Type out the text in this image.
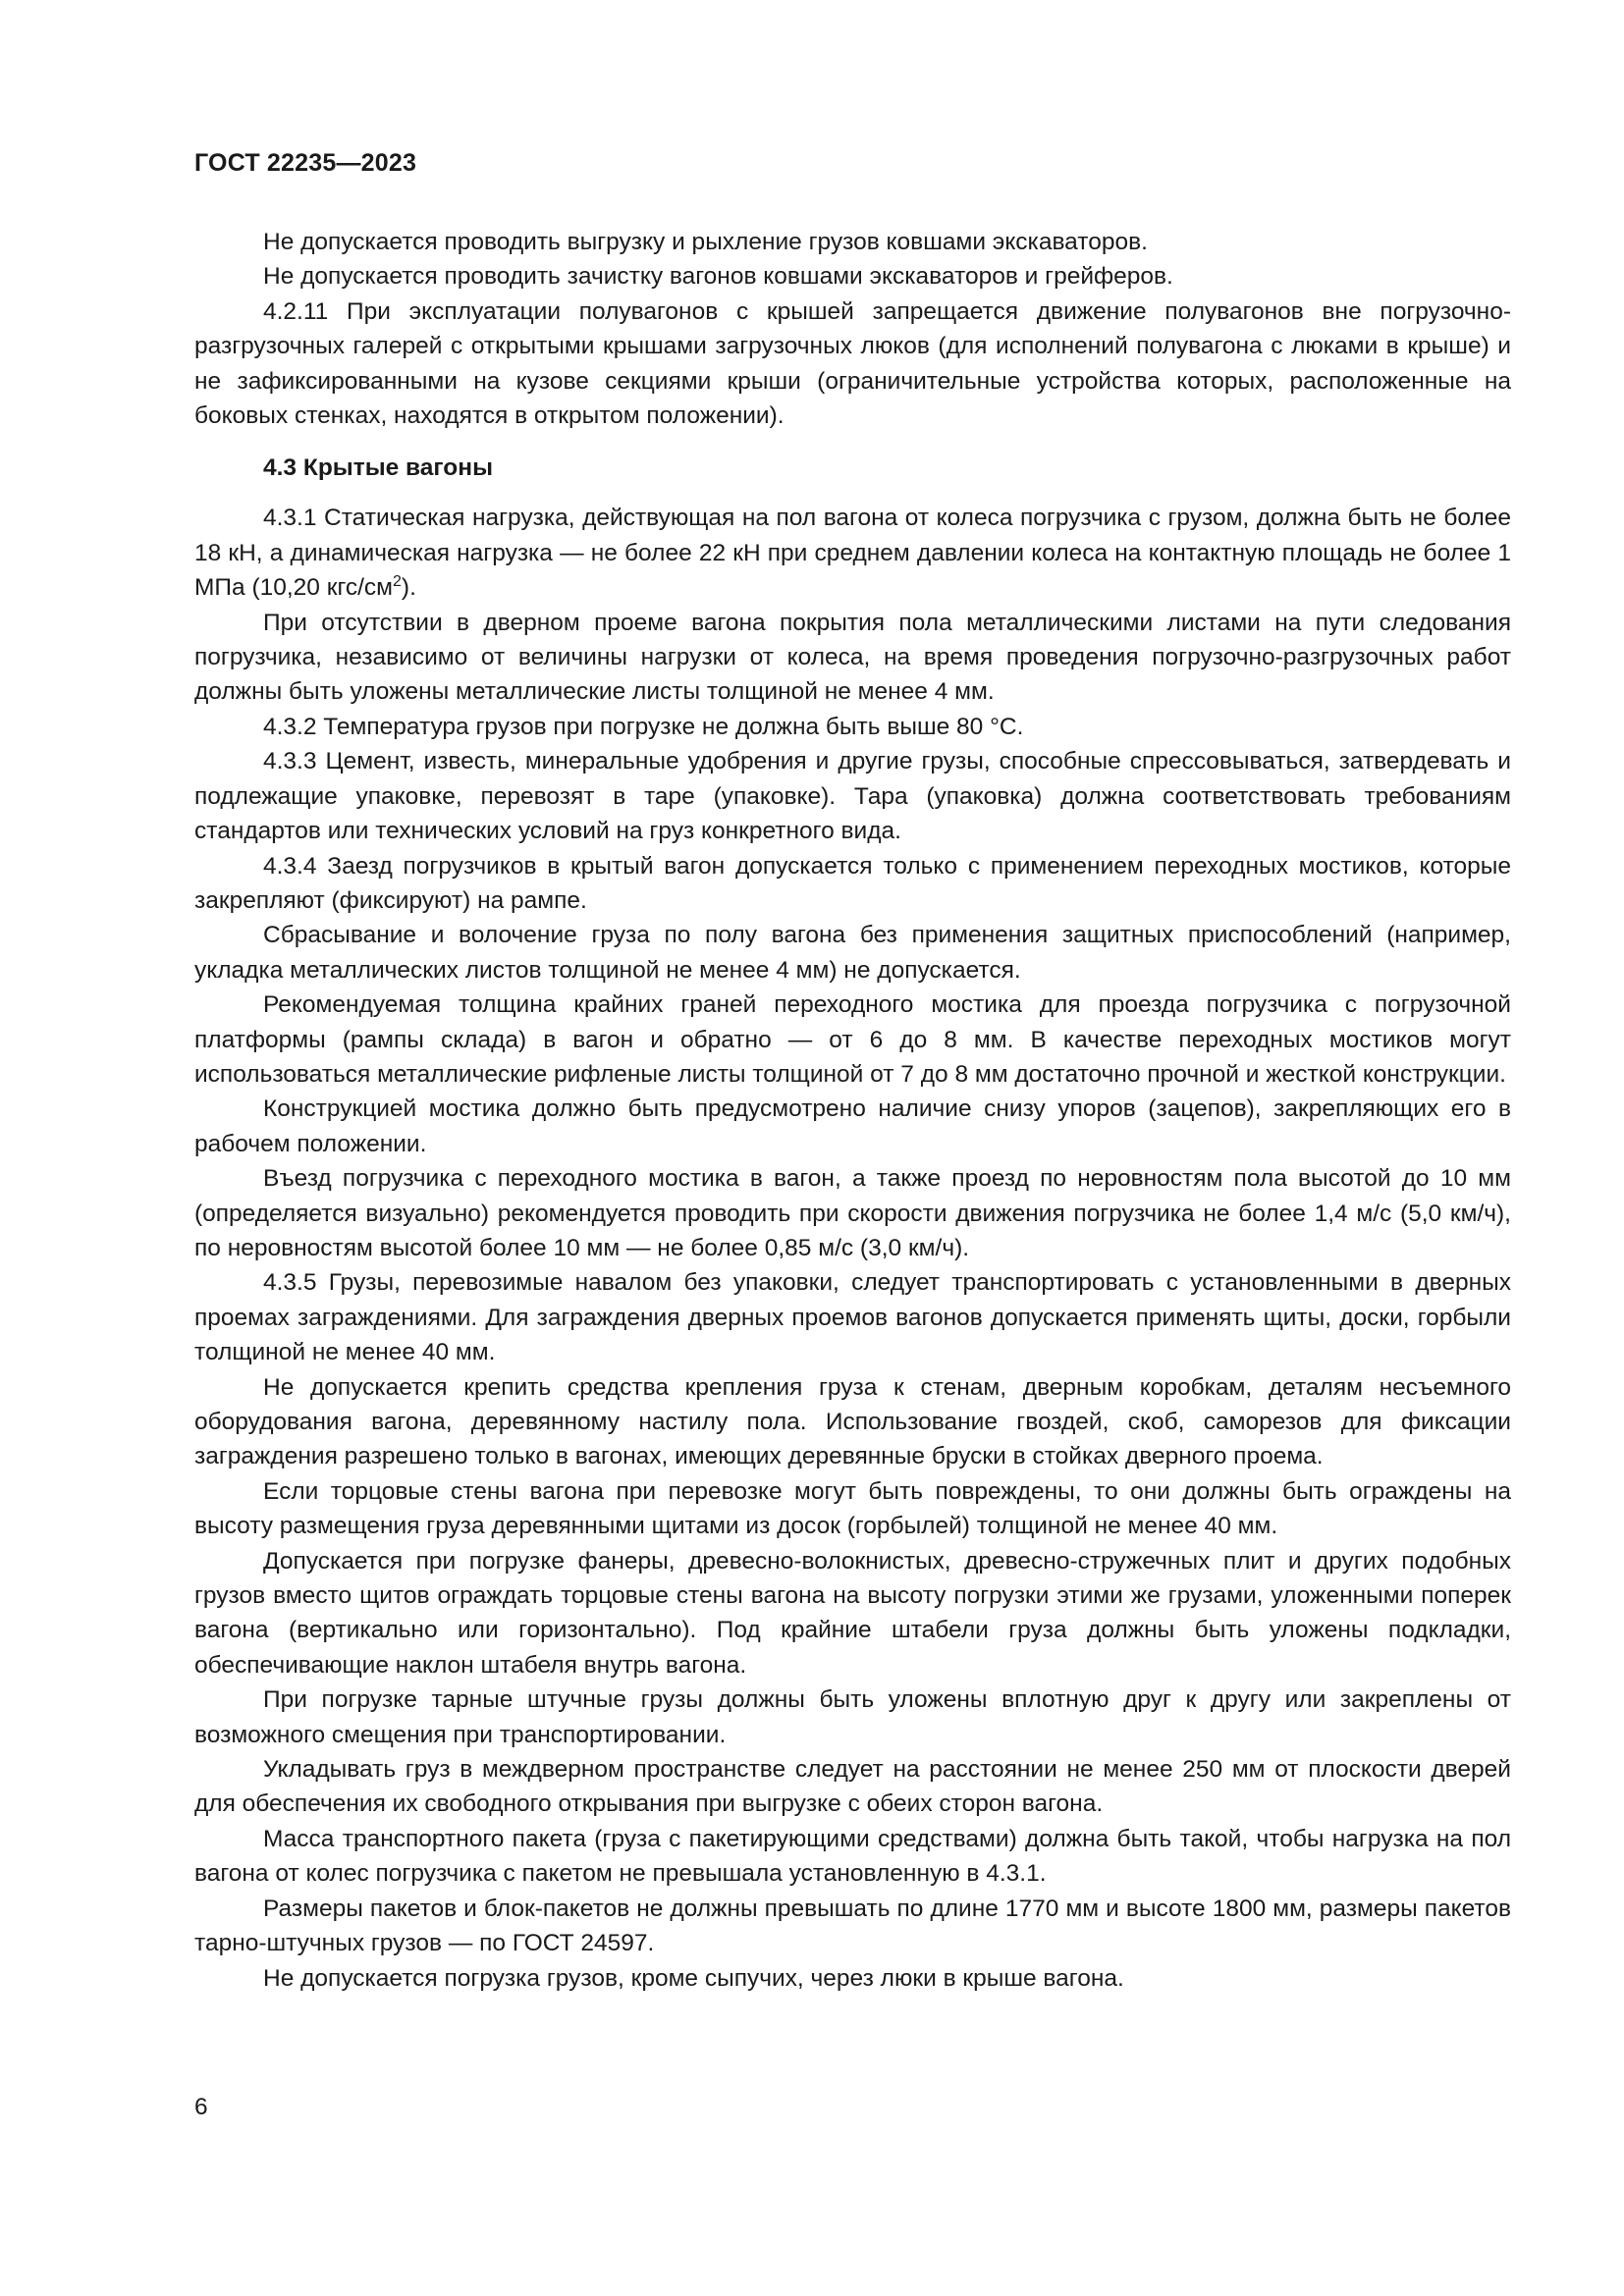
ГОСТ 22235—2023

Не допускается проводить выгрузку и рыхление грузов ковшами экскаваторов.

Не допускается проводить зачистку вагонов ковшами экскаваторов и грейферов.

4.2.11 При эксплуатации полувагонов с крышей запрещается движение полувагонов вне погрузочно-разгрузочных галерей с открытыми крышами загрузочных люков (для исполнений полувагона с люками в крыше) и не зафиксированными на кузове секциями крыши (ограничительные устройства которых, расположенные на боковых стенках, находятся в открытом положении).

4.3 Крытые вагоны

4.3.1 Статическая нагрузка, действующая на пол вагона от колеса погрузчика с грузом, должна быть не более 18 кН, а динамическая нагрузка — не более 22 кН при среднем давлении колеса на контактную площадь не более 1 МПа (10,20 кгс/$см^2$).

При отсутствии в дверном проеме вагона покрытия пола металлическими листами на пути следования погрузчика, независимо от величины нагрузки от колеса, на время проведения погрузочно-разгрузочных работ должны быть уложены металлические листы толщиной не менее 4 мм.

4.3.2 Температура грузов при погрузке не должна быть выше 80 °С.

4.3.3 Цемент, известь, минеральные удобрения и другие грузы, способные спрессовываться, затвердевать и подлежащие упаковке, перевозят в таре (упаковке). Тара (упаковка) должна соответствовать требованиям стандартов или технических условий на груз конкретного вида.

4.3.4 Заезд погрузчиков в крытый вагон допускается только с применением переходных мостиков, которые закрепляют (фиксируют) на рампе.

Сбрасывание и волочение груза по полу вагона без применения защитных приспособлений (например, укладка металлических листов толщиной не менее 4 мм) не допускается.

Рекомендуемая толщина крайних граней переходного мостика для проезда погрузчика с погрузочной платформы (рампы склада) в вагон и обратно — от 6 до 8 мм. В качестве переходных мостиков могут использоваться металлические рифленые листы толщиной от 7 до 8 мм достаточно прочной и жесткой конструкции.

Конструкцией мостика должно быть предусмотрено наличие снизу упоров (зацепов), закрепляющих его в рабочем положении.

Въезд погрузчика с переходного мостика в вагон, а также проезд по неровностям пола высотой до 10 мм (определяется визуально) рекомендуется проводить при скорости движения погрузчика не более 1,4 м/с (5,0 км/ч), по неровностям высотой более 10 мм — не более 0,85 м/с (3,0 км/ч).

4.3.5 Грузы, перевозимые навалом без упаковки, следует транспортировать с установленными в дверных проемах заграждениями. Для заграждения дверных проемов вагонов допускается применять щиты, доски, горбыли толщиной не менее 40 мм.

Не допускается крепить средства крепления груза к стенам, дверным коробкам, деталям несъемного оборудования вагона, деревянному настилу пола. Использование гвоздей, скоб, саморезов для фиксации заграждения разрешено только в вагонах, имеющих деревянные бруски в стойках дверного проема.

Если торцовые стены вагона при перевозке могут быть повреждены, то они должны быть ограждены на высоту размещения груза деревянными щитами из досок (горбылей) толщиной не менее 40 мм.

Допускается при погрузке фанеры, древесно-волокнистых, древесно-стружечных плит и других подобных грузов вместо щитов ограждать торцовые стены вагона на высоту погрузки этими же грузами, уложенными поперек вагона (вертикально или горизонтально). Под крайние штабели груза должны быть уложены подкладки, обеспечивающие наклон штабеля внутрь вагона.

При погрузке тарные штучные грузы должны быть уложены вплотную друг к другу или закреплены от возможного смещения при транспортировании.

Укладывать груз в междверном пространстве следует на расстоянии не менее 250 мм от плоскости дверей для обеспечения их свободного открывания при выгрузке с обеих сторон вагона.

Масса транспортного пакета (груза с пакетирующими средствами) должна быть такой, чтобы нагрузка на пол вагона от колес погрузчика с пакетом не превышала установленную в 4.3.1.

Размеры пакетов и блок-пакетов не должны превышать по длине 1770 мм и высоте 1800 мм, размеры пакетов тарно-штучных грузов — по ГОСТ 24597.

Не допускается погрузка грузов, кроме сыпучих, через люки в крыше вагона.

6
